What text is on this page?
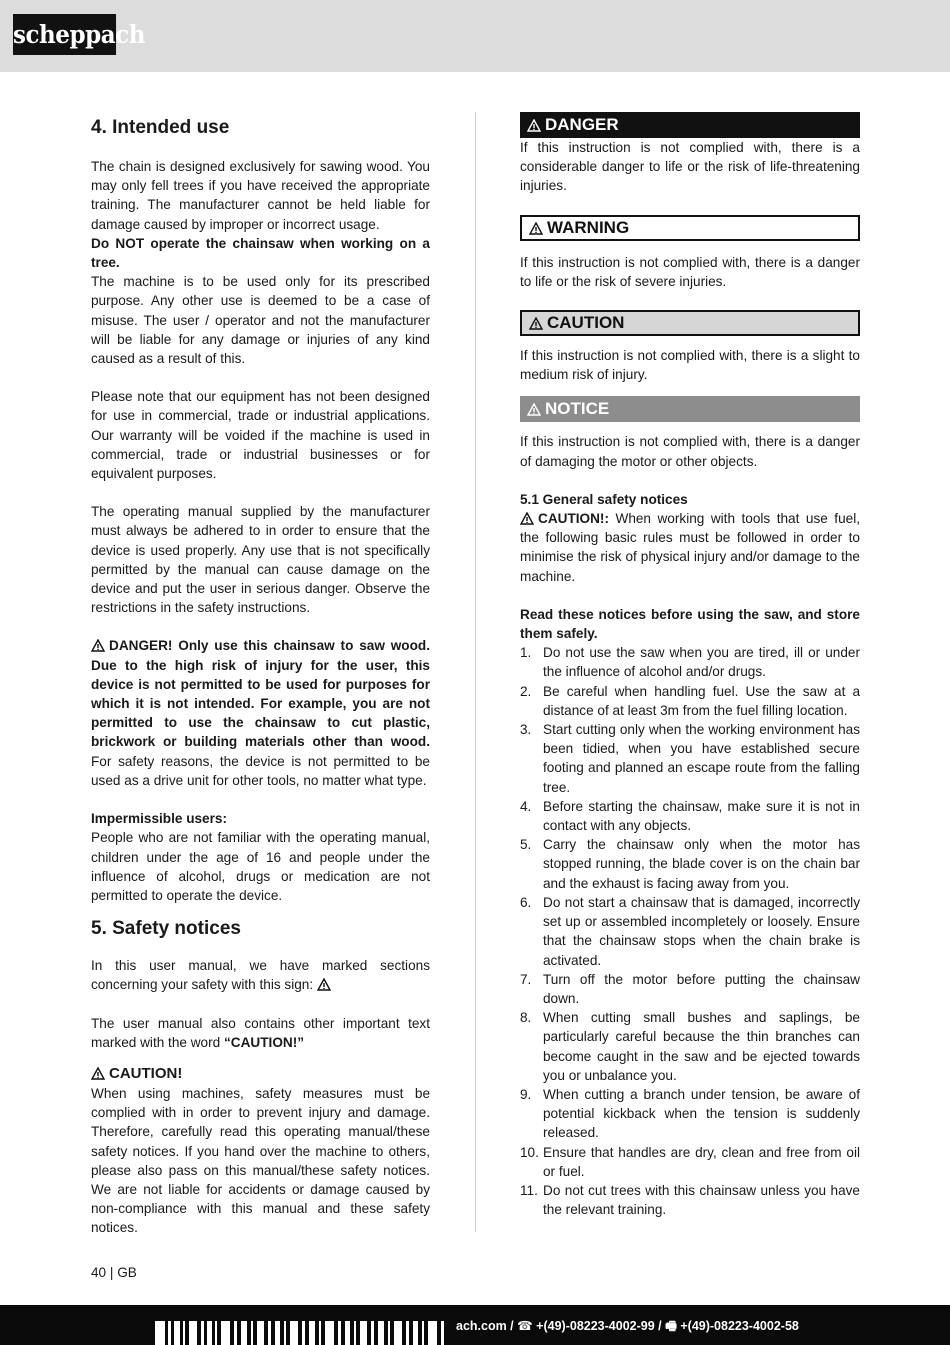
scheppach
4. Intended use

The chain is designed exclusively for sawing wood. You may only fell trees if you have received the appropriate training. The manufacturer cannot be held liable for damage caused by improper or incorrect usage.

Do NOT operate the chainsaw when working on a tree.

The machine is to be used only for its prescribed purpose. Any other use is deemed to be a case of misuse. The user / operator and not the manufacturer will be liable for any damage or injuries of any kind caused as a result of this.

Please note that our equipment has not been designed for use in commercial, trade or industrial applications. Our warranty will be voided if the machine is used in commercial, trade or industrial businesses or for equivalent purposes.

The operating manual supplied by the manufacturer must always be adhered to in order to ensure that the device is used properly. Any use that is not specifically permitted by the manual can cause damage on the device and put the user in serious danger. Observe the restrictions in the safety instructions.

DANGER! Only use this chainsaw to saw wood. Due to the high risk of injury for the user, this device is not permitted to be used for purposes for which it is not intended. For example, you are not permitted to use the chainsaw to cut plastic, brickwork or building materials other than wood. For safety reasons, the device is not permitted to be used as a drive unit for other tools, no matter what type.

Impermissible users:

People who are not familiar with the operating manual, children under the age of 16 and people under the influence of alcohol, drugs or medication are not permitted to operate the device.

5. Safety notices

In this user manual, we have marked sections concerning your safety with this sign:

The user manual also contains other important text marked with the word “CAUTION!”

CAUTION!

When using machines, safety measures must be complied with in order to prevent injury and damage. Therefore, carefully read this operating manual/these safety notices. If you hand over the machine to others, please also pass on this manual/these safety notices. We are not liable for accidents or damage caused by non-compliance with this manual and these safety notices.

DANGER

If this instruction is not complied with, there is a considerable danger to life or the risk of life-threatening injuries.

WARNING

If this instruction is not complied with, there is a danger to life or the risk of severe injuries.

CAUTION

If this instruction is not complied with, there is a slight to medium risk of injury.

NOTICE

If this instruction is not complied with, there is a danger of damaging the motor or other objects.

5.1 General safety notices

CAUTION!: When working with tools that use fuel, the following basic rules must be followed in order to minimise the risk of physical injury and/or damage to the machine.

Read these notices before using the saw, and store them safely.

1. Do not use the saw when you are tired, ill or under the influence of alcohol and/or drugs.
2. Be careful when handling fuel. Use the saw at a distance of at least 3m from the fuel filling location.
3. Start cutting only when the working environment has been tidied, when you have established secure footing and planned an escape route from the falling tree.
4. Before starting the chainsaw, make sure it is not in contact with any objects.
5. Carry the chainsaw only when the motor has stopped running, the blade cover is on the chain bar and the exhaust is facing away from you.
6. Do not start a chainsaw that is damaged, incorrectly set up or assembled incompletely or loosely. Ensure that the chainsaw stops when the chain brake is activated.
7. Turn off the motor before putting the chainsaw down.
8. When cutting small bushes and saplings, be particularly careful because the thin branches can become caught in the saw and be ejected towards you or unbalance you.
9. When cutting a branch under tension, be aware of potential kickback when the tension is suddenly released.
10. Ensure that handles are dry, clean and free from oil or fuel.
11. Do not cut trees with this chainsaw unless you have the relevant training.
40 | GB
ach.com / ☎ +(49)-08223-4002-99 / 🖷 +(49)-08223-4002-58
